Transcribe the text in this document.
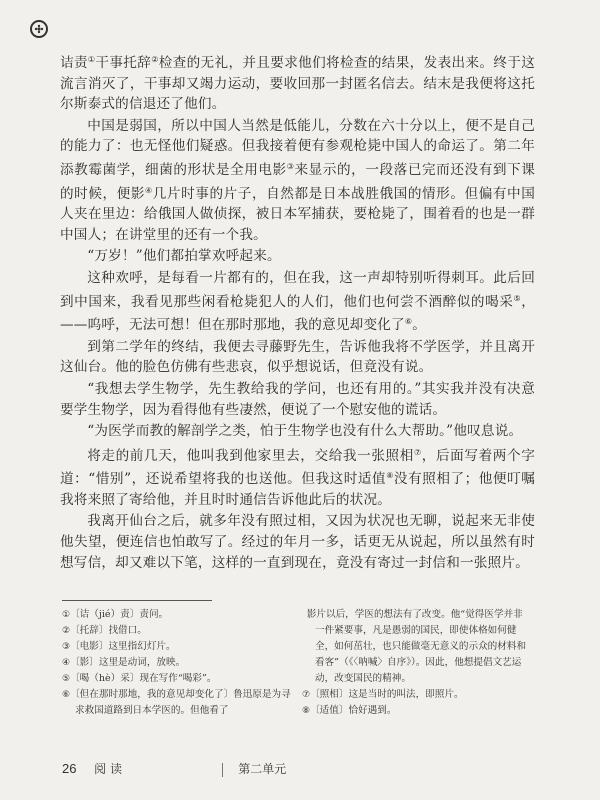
诘责①干事托辞②检查的无礼，并且要求他们将检查的结果，发表出来。终于这流言消灭了，干事却又竭力运动，要收回那一封匿名信去。结末是我便将这托尔斯泰式的信退还了他们。

中国是弱国，所以中国人当然是低能儿，分数在六十分以上，便不是自己的能力了：也无怪他们疑惑。但我接着便有参观枪毙中国人的命运了。第二年添教霉菌学，细菌的形状是全用电影③来显示的，一段落已完而还没有到下课的时候，便影④几片时事的片子，自然都是日本战胜俄国的情形。但偏有中国人夹在里边：给俄国人做侦探，被日本军捕获，要枪毙了，围着看的也是一群中国人；在讲堂里的还有一个我。

“万岁！”他们都拍掌欢呼起来。

这种欢呼，是每看一片都有的，但在我，这一声却特别听得刺耳。此后回到中国来，我看见那些闲看枪毙犯人的人们，他们也何尝不酒醉似的喝采⑤，——呜呼，无法可想！但在那时那地，我的意见却变化了⑥。

到第二学年的终结，我便去寻藤野先生，告诉他我将不学医学，并且离开这仙台。他的脸色仿佛有些悲哀，似乎想说话，但竟没有说。

“我想去学生物学，先生教给我的学问，也还有用的。”其实我并没有决意要学生物学，因为看得他有些凄然，便说了一个慰安他的谎话。

“为医学而教的解剖学之类，怕于生物学也没有什么大帮助。”他叹息说。

将走的前几天，他叫我到他家里去，交给我一张照相⑦，后面写着两个字道：“惜别”，还说希望将我的也送他。但我这时适值⑧没有照相了；他便叮嘱我将来照了寄给他，并且时时通信告诉他此后的状况。

我离开仙台之后，就多年没有照过相，又因为状况也无聊，说起来无非使他失望，便连信也怕敢写了。经过的年月一多，话更无从说起，所以虽然有时想写信，却又难以下笔，这样的一直到现在，竟没有寄过一封信和一张照片。

①〔诘（jié）责〕责问。

②〔托辞〕找借口。

③〔电影〕这里指幻灯片。

④〔影〕这里是动词，放映。

⑤〔喝（hè）采〕现在写作“喝彩”。

⑥〔但在那时那地，我的意见却变化了〕鲁迅原是为寻求救国道路到日本学医的。但他看了

 影片以后，学医的想法有了改变。他“觉得医学并非一件紧要事，凡是愚弱的国民，即使体格如何健全，如何茁壮，也只能做毫无意义的示众的材料和看客”（《〈呐喊〉自序》）。因此，他想提倡文艺运动，改变国民的精神。

⑦〔照相〕这是当时的叫法，即照片。

⑧〔适值〕恰好遇到。

26 阅 读	第二单元
